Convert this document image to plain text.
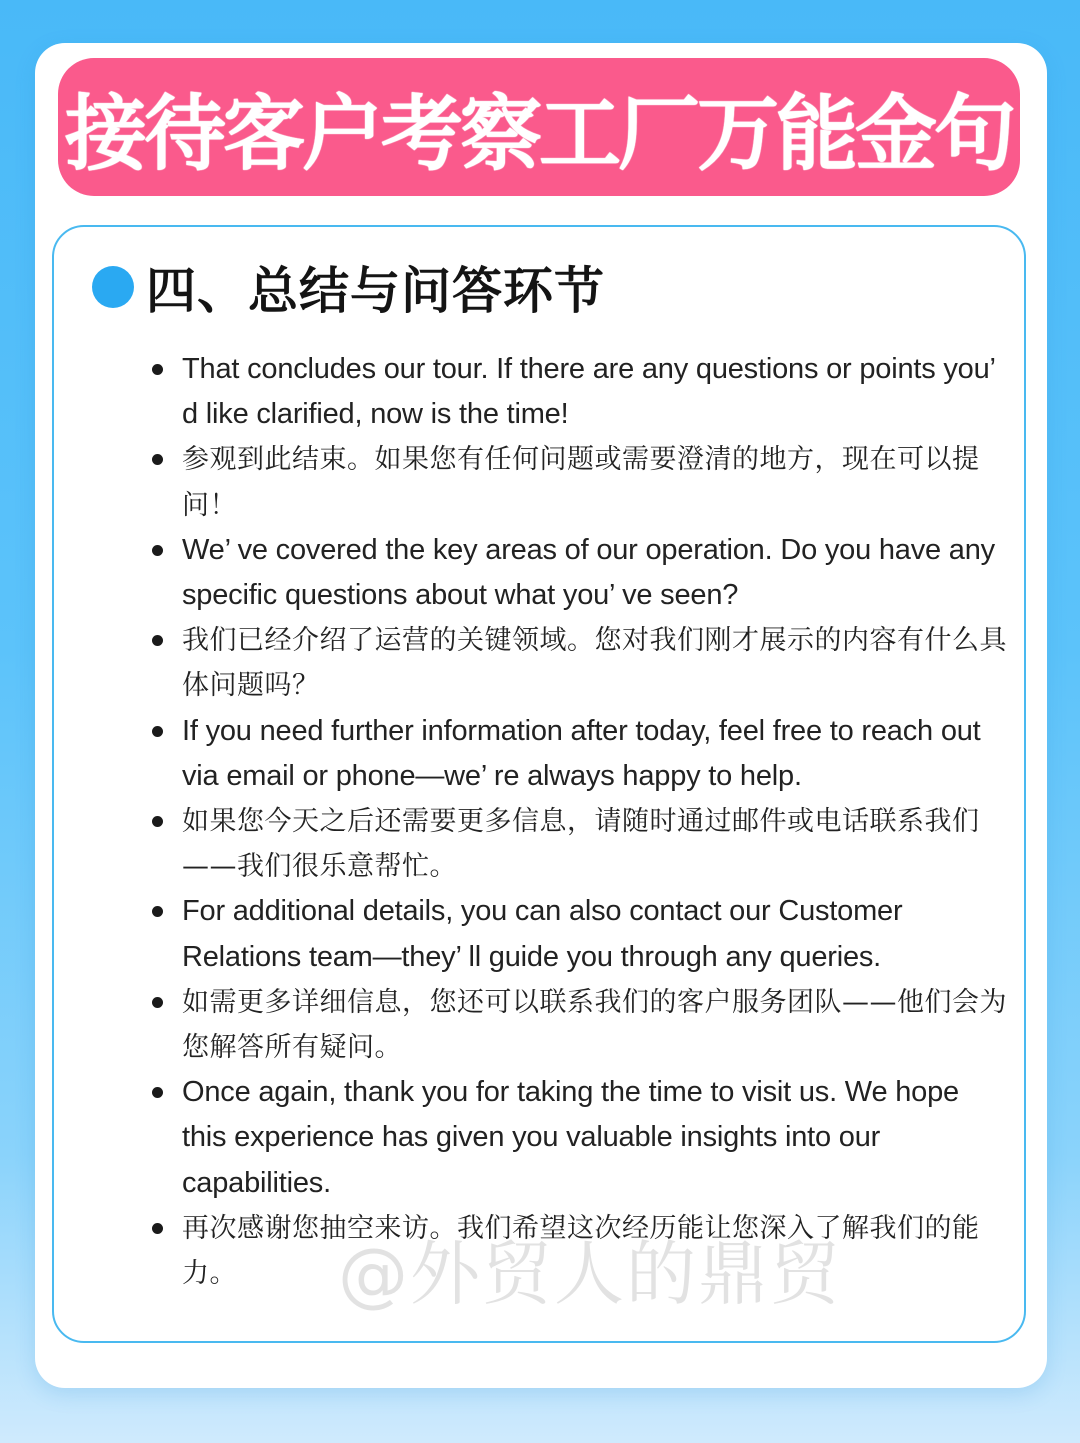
接待客户考察工厂万能金句
四、总结与问答环节
That concludes our tour. If there are any questions or points you’ d like clarified, now is the time!
参观到此结束。如果您有任何问题或需要澄清的地方，现在可以提问！
We’ ve covered the key areas of our operation. Do you have any specific questions about what you’ ve seen?
我们已经介绍了运营的关键领域。您对我们刚才展示的内容有什么具体问题吗？
If you need further information after today, feel free to reach out via email or phone—we’ re always happy to help.
如果您今天之后还需要更多信息，请随时通过邮件或电话联系我们——我们很乐意帮忙。
For additional details, you can also contact our Customer Relations team—they’ ll guide you through any queries.
如需更多详细信息，您还可以联系我们的客户服务团队——他们会为您解答所有疑问。
Once again, thank you for taking the time to visit us. We hope this experience has given you valuable insights into our capabilities.
再次感谢您抽空来访。我们希望这次经历能让您深入了解我们的能力。	@外贸人的鼎贸
